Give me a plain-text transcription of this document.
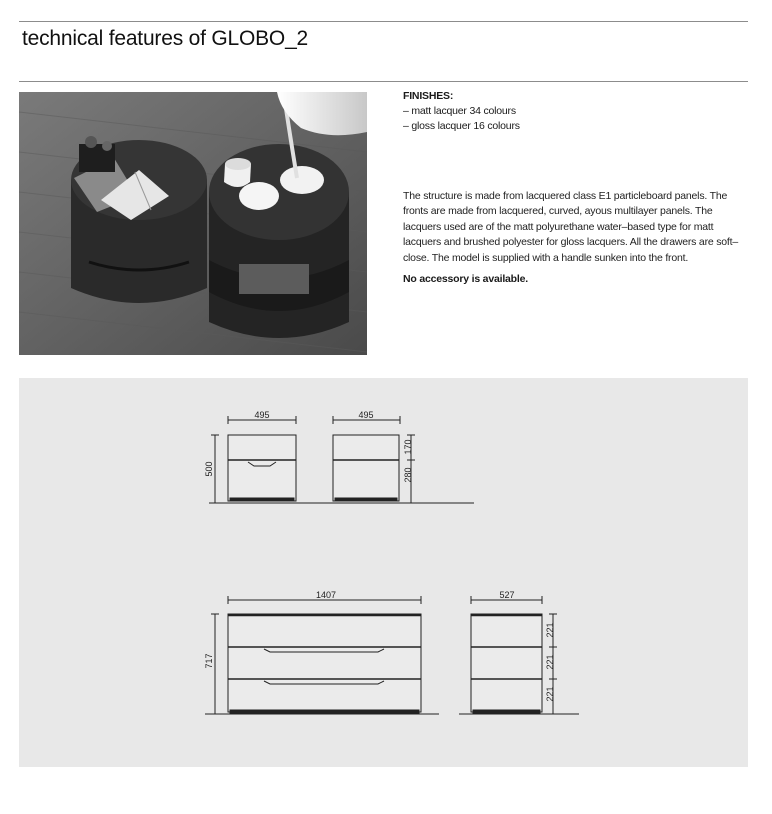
technical features of GLOBO_2
FINISHES:
– matt lacquer 34 colours
– gloss lacquer 16 colours

The structure is made from lacquered class E1 particleboard panels. The fronts are made from lacquered, curved, ayous multilayer panels. The lacquers used are of the matt polyurethane water–based type for matt lacquers and brushed polyester for gloss lacquers. All the drawers are soft–close. The model is supplied with a handle sunken into the front.

No accessory is available.

495
500
495
170
280
1407
717
527
221
221
221
